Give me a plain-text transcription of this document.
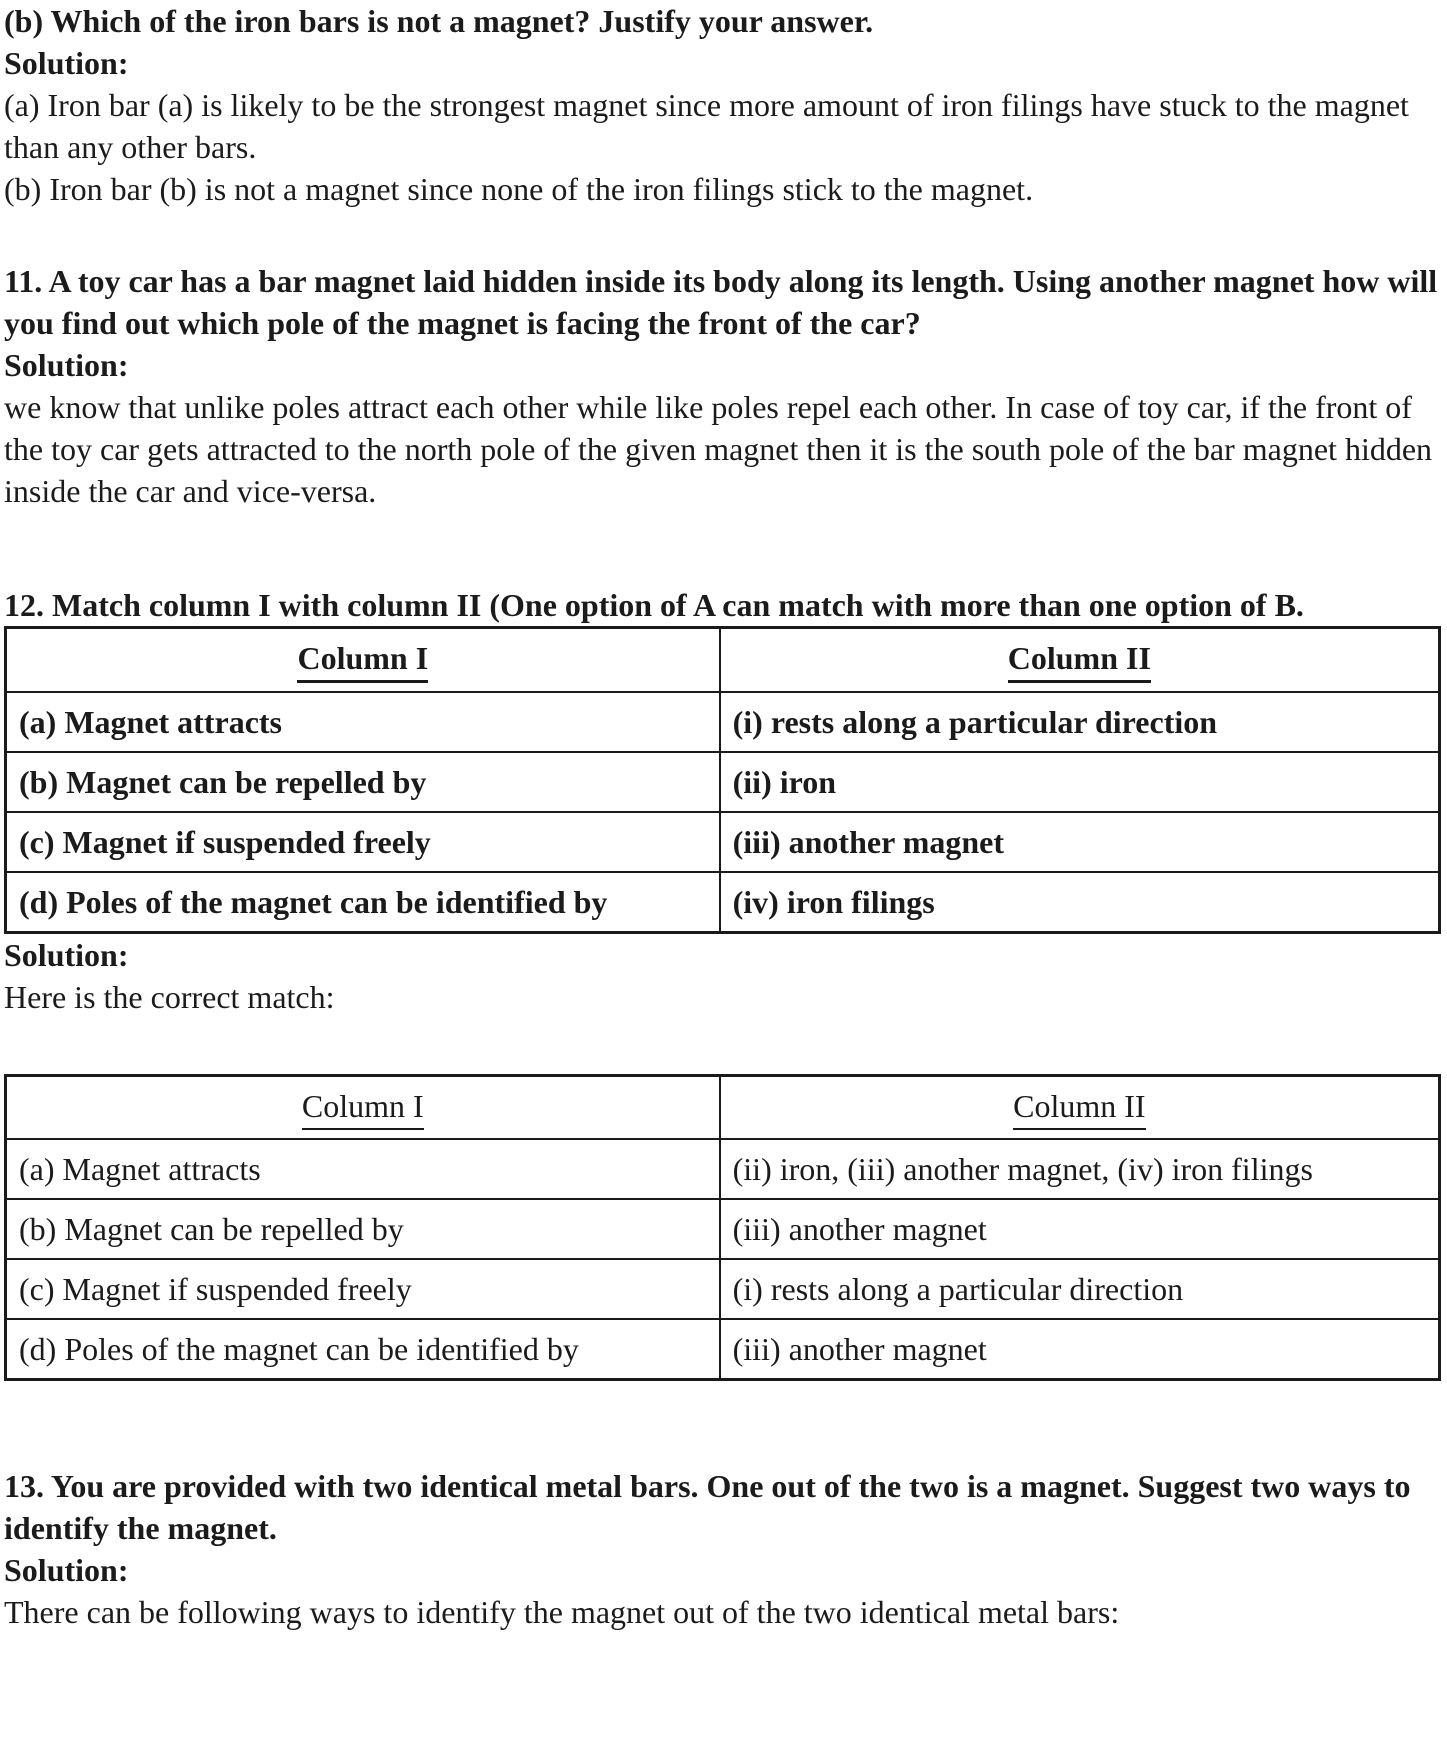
(b) Which of the iron bars is not a magnet? Justify your answer.

Solution:

(a) Iron bar (a) is likely to be the strongest magnet since more amount of iron filings have stuck to the magnet than any other bars.

(b) Iron bar (b) is not a magnet since none of the iron filings stick to the magnet.

11. A toy car has a bar magnet laid hidden inside its body along its length. Using another magnet how will you find out which pole of the magnet is facing the front of the car?

Solution:

we know that unlike poles attract each other while like poles repel each other. In case of toy car, if the front of the toy car gets attracted to the north pole of the given magnet then it is the south pole of the bar magnet hidden inside the car and vice-versa.

12. Match column I with column II (One option of A can match with more than one option of B.

Column I	Column II
(a) Magnet attracts	(i) rests along a particular direction
(b) Magnet can be repelled by	(ii) iron
(c) Magnet if suspended freely	(iii) another magnet
(d) Poles of the magnet can be identified by	(iv) iron filings

Solution:

Here is the correct match:

Column I	Column II
(a) Magnet attracts	(ii) iron, (iii) another magnet, (iv) iron filings
(b) Magnet can be repelled by	(iii) another magnet
(c) Magnet if suspended freely	(i) rests along a particular direction
(d) Poles of the magnet can be identified by	(iii) another magnet

13. You are provided with two identical metal bars. One out of the two is a magnet. Suggest two ways to identify the magnet.

Solution:

There can be following ways to identify the magnet out of the two identical metal bars:
